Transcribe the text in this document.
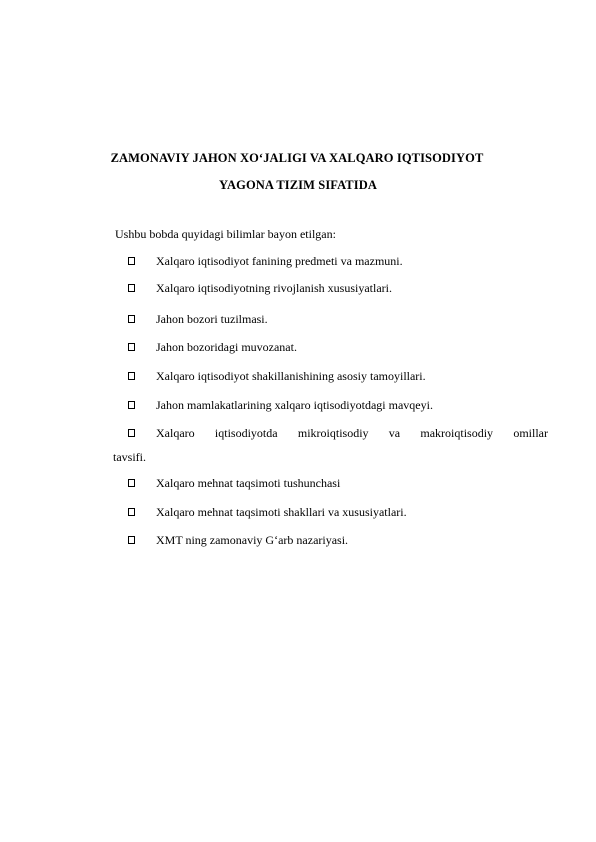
ZAMONAVIY JAHON XO‘JALIGI VA XALQARO IQTISODIYOT
YAGONA TIZIM SIFATIDA
Ushbu bobda quyidagi bilimlar bayon etilgan:
Xalqaro iqtisodiyot fanining predmeti va mazmuni.
Xalqaro iqtisodiyotning rivojlanish xususiyatlari.
Jahon bozori tuzilmasi.
Jahon bozoridagi muvozanat.
Xalqaro iqtisodiyot shakillanishining asosiy tamoyillari.
Jahon mamlakatlarining xalqaro iqtisodiyotdagi mavqeyi.
Xalqaro iqtisodiyotda mikroiqtisodiy va makroiqtisodiy omillar
tavsifi.
Xalqaro mehnat taqsimoti tushunchasi
Xalqaro mehnat taqsimoti shakllari va xususiyatlari.
XMT ning zamonaviy G‘arb nazariyasi.
